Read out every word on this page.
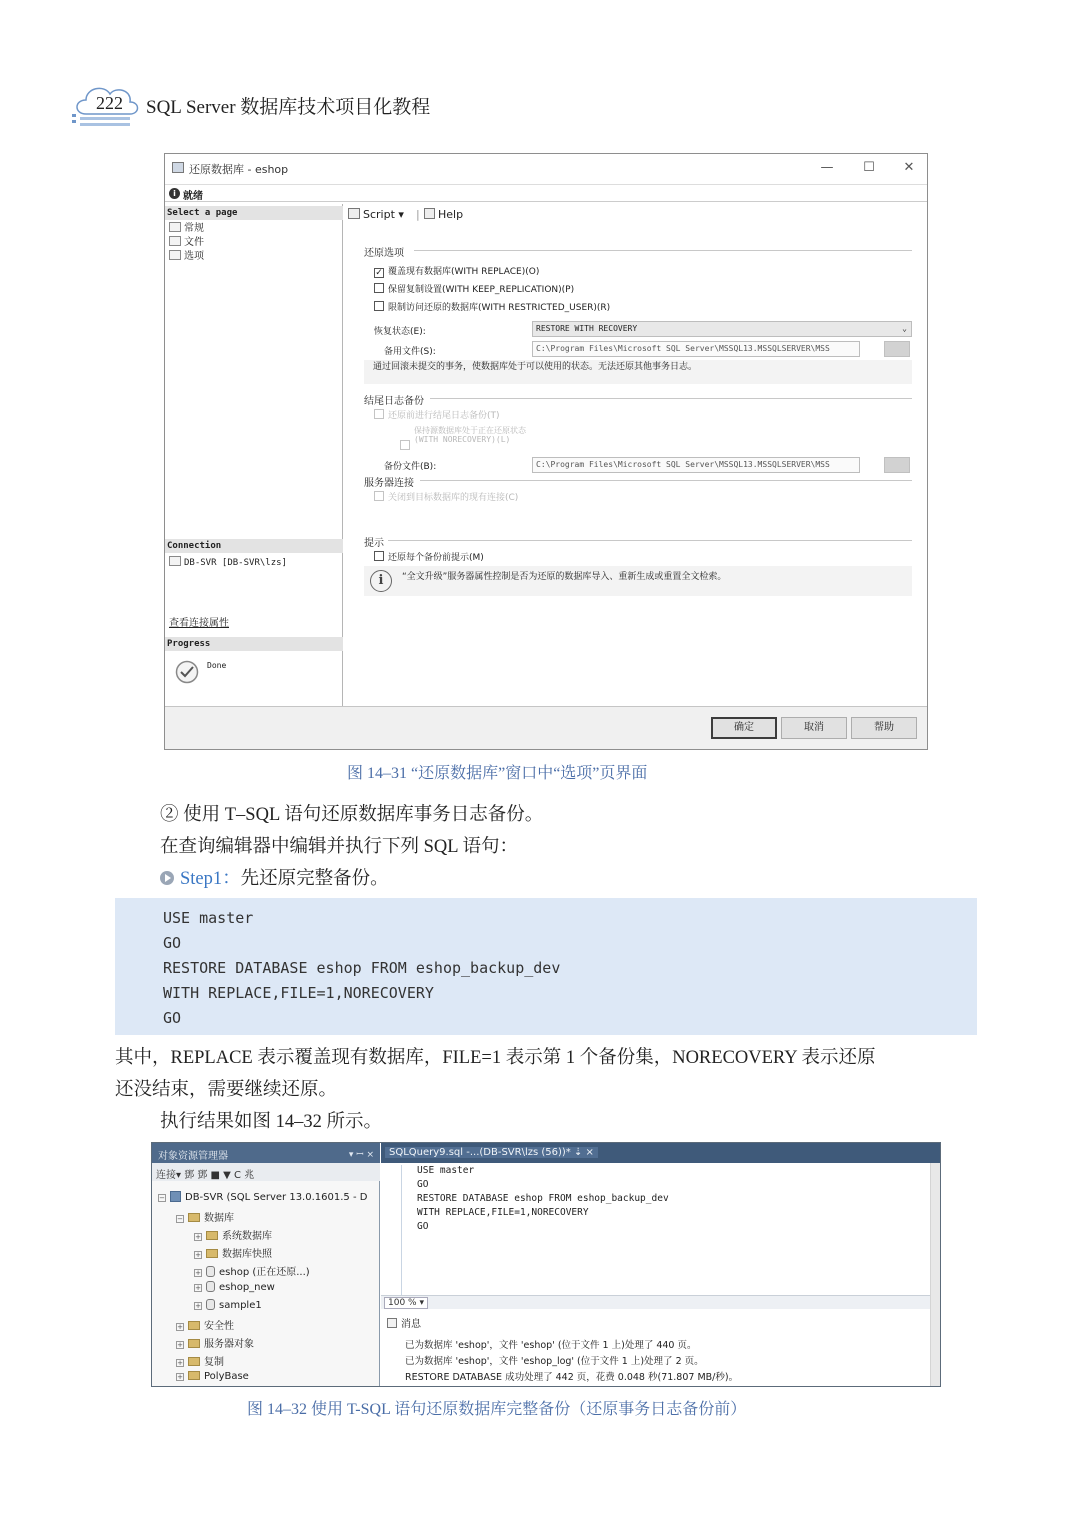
222 SQL Server 数据库技术项目化教程
还原数据库 - eshop	—	☐	✕
i 就绪
Select a page
常规
文件
选项
Connection
DB-SVR [DB-SVR\lzs]
查看连接属性
Progress
Done
Script ▾ |	Help
还原选项
✓ 覆盖现有数据库(WITH REPLACE)(O)
保留复制设置(WITH KEEP_REPLICATION)(P)
限制访问还原的数据库(WITH RESTRICTED_USER)(R)
恢复状态(E):	RESTORE WITH RECOVERY	⌄
备用文件(S):	C:\Program Files\Microsoft SQL Server\MSSQL13.MSSQLSERVER\MSS
通过回滚未提交的事务，使数据库处于可以使用的状态。无法还原其他事务日志。
结尾日志备份
还原前进行结尾日志备份(T)
保持源数据库处于正在还原状态
(WITH NORECOVERY)(L)
备份文件(B):	C:\Program Files\Microsoft SQL Server\MSSQL13.MSSQLSERVER\MSS
服务器连接
关闭到目标数据库的现有连接(C)
提示
还原每个备份前提示(M)
i	“全文升级”服务器属性控制是否为还原的数据库导入、重新生成或重置全文检索。
确定	取消	帮助
图 14–31 “还原数据库”窗口中“选项”页界面
② 使用 T–SQL 语句还原数据库事务日志备份。
在查询编辑器中编辑并执行下列 SQL 语句：
Step1：先还原完整备份。
USE master
GO
RESTORE DATABASE eshop FROM eshop_backup_dev
WITH REPLACE,FILE=1,NORECOVERY
GO
其中，REPLACE 表示覆盖现有数据库，FILE=1 表示第 1 个备份集，NORECOVERY 表示还原
还没结束，需要继续还原。
执行结果如图 14–32 所示。
对象资源管理器	▾ ꟷ ×
连接▾ 鄧 鄧 ■ ▼ C 兆
− DB-SVR (SQL Server 13.0.1601.5 - D
− 数据库
+ 系统数据库
+ 数据库快照
+ eshop (正在还原...)
+ eshop_new
+ sample1
+ 安全性
+ 服务器对象
+ 复制
+ PolyBase
SQLQuery9.sql -...(DB-SVR\lzs (56))* ⇣ ×
USE master
GO
RESTORE DATABASE eshop FROM eshop_backup_dev
WITH REPLACE,FILE=1,NORECOVERY
GO
100 % ▾
消息
已为数据库 'eshop'，文件 'eshop' (位于文件 1 上)处理了 440 页。
已为数据库 'eshop'，文件 'eshop_log' (位于文件 1 上)处理了 2 页。
RESTORE DATABASE 成功处理了 442 页，花费 0.048 秒(71.807 MB/秒)。
图 14–32 使用 T-SQL 语句还原数据库完整备份（还原事务日志备份前）
